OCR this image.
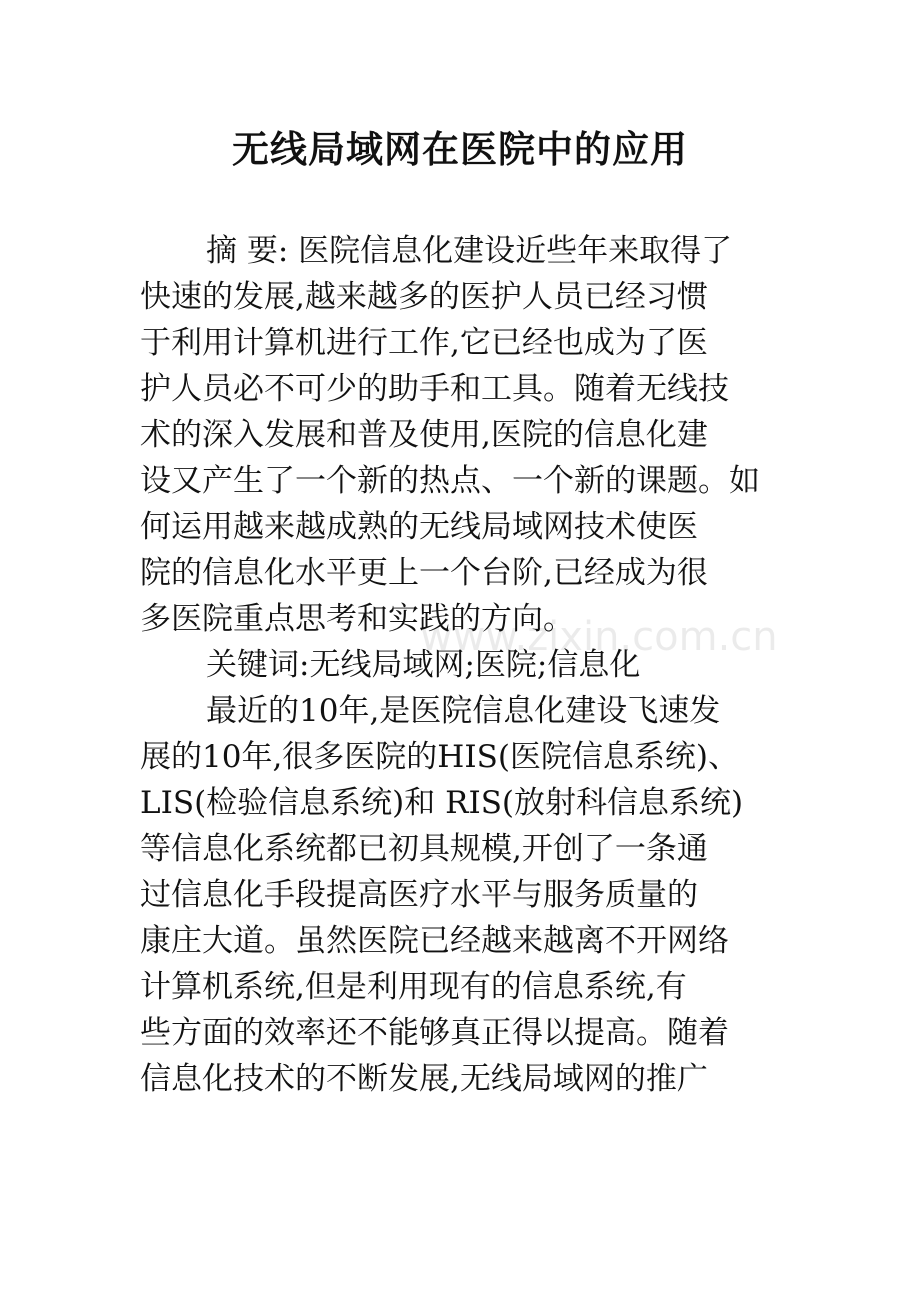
无线局域网在医院中的应用
摘 要: 医院信息化建设近些年来取得了
快速的发展,越来越多的医护人员已经习惯
于利用计算机进行工作,它已经也成为了医
护人员必不可少的助手和工具。随着无线技
术的深入发展和普及使用,医院的信息化建
设又产生了一个新的热点、一个新的课题。如
何运用越来越成熟的无线局域网技术使医
院的信息化水平更上一个台阶,已经成为很
多医院重点思考和实践的方向。
关键词:无线局域网;医院;信息化
最近的10年,是医院信息化建设飞速发
展的10年,很多医院的HIS(医院信息系统)、
LIS(检验信息系统)和 RIS(放射科信息系统)
等信息化系统都已初具规模,开创了一条通
过信息化手段提高医疗水平与服务质量的
康庄大道。虽然医院已经越来越离不开网络
计算机系统,但是利用现有的信息系统,有
些方面的效率还不能够真正得以提高。随着
信息化技术的不断发展,无线局域网的推广
www.zixin.com.cn
